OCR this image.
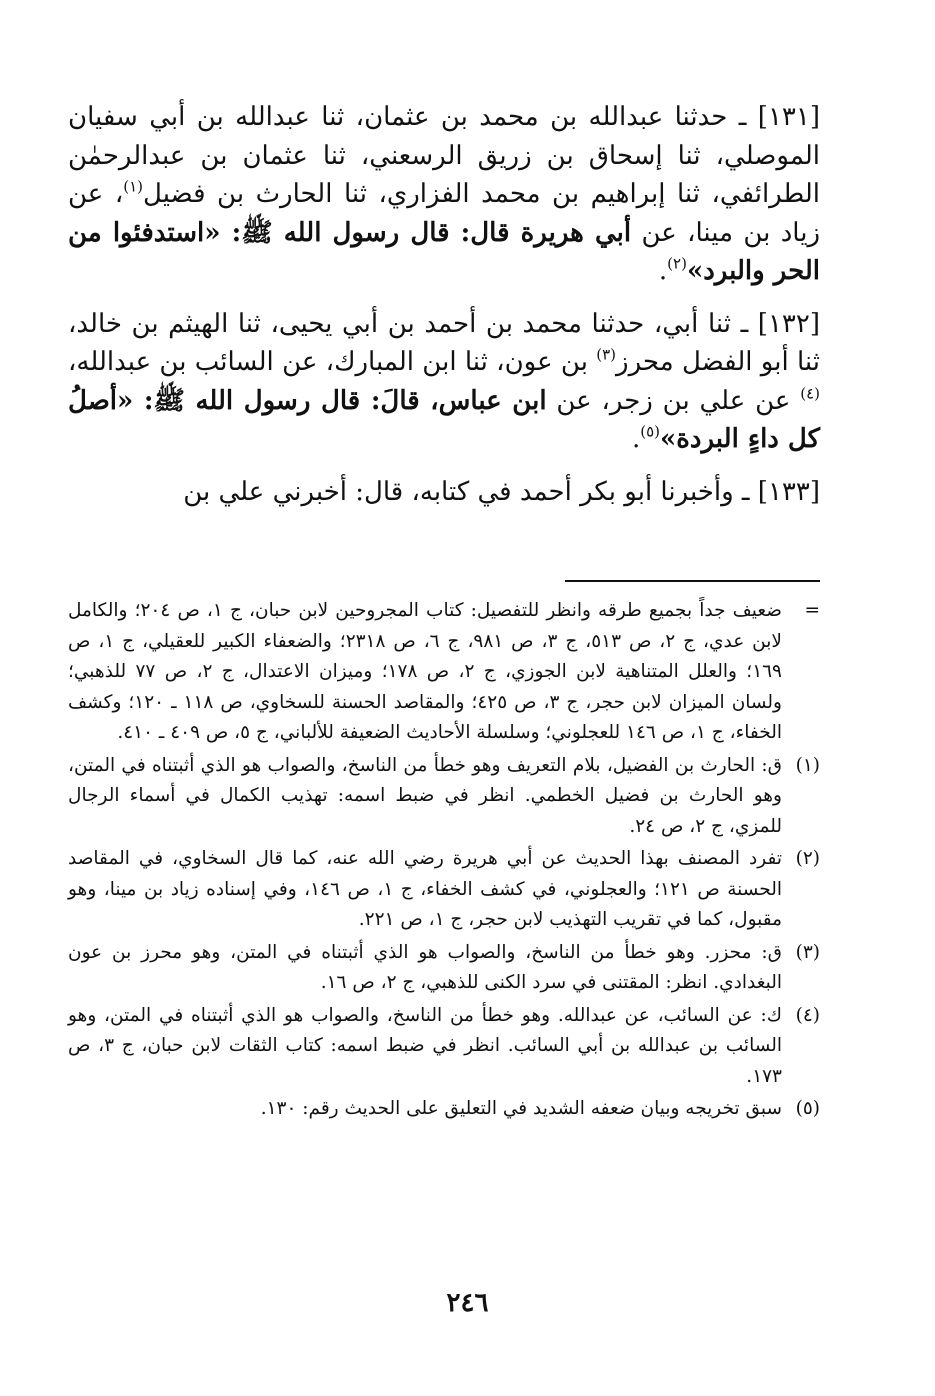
[١٣١] ـ حدثنا عبدالله بن محمد بن عثمان، ثنا عبدالله بن أبي سفيان الموصلي، ثنا إسحاق بن زريق الرسعني، ثنا عثمان بن عبدالرحمٰن الطرائفي، ثنا إبراهيم بن محمد الفزاري، ثنا الحارث بن فضيل$^{(١)}$، عن زياد بن مينا، عن أبي هريرة قال: قال رسول الله ﷺ: «استدفئوا من الحر والبرد»$^{(٢)}$.

[١٣٢] ـ ثنا أبي، حدثنا محمد بن أحمد بن أبي يحيى، ثنا الهيثم بن خالد، ثنا أبو الفضل محرز$^{(٣)}$ بن عون، ثنا ابن المبارك، عن السائب بن عبدالله،$^{(٤)}$ عن علي بن زجر، عن ابن عباس، قالَ: قال رسول الله ﷺ: «أصلُ كل داءٍ البردة»$^{(٥)}$.

[١٣٣] ـ وأخبرنا أبو بكر أحمد في كتابه، قال: أخبرني علي بن

=
ضعيف جداً بجميع طرقه وانظر للتفصيل: كتاب المجروحين لابن حبان، ج ١، ص ٢٠٤؛ والكامل لابن عدي، ج ٢، ص ٥١٣، ج ٣، ص ٩٨١، ج ٦، ص ٢٣١٨؛ والضعفاء الكبير للعقيلي، ج ١، ص ١٦٩؛ والعلل المتناهية لابن الجوزي، ج ٢، ص ١٧٨؛ وميزان الاعتدال، ج ٢، ص ٧٧ للذهبي؛ ولسان الميزان لابن حجر، ج ٣، ص ٤٢٥؛ والمقاصد الحسنة للسخاوي، ص ١١٨ ـ ١٢٠؛ وكشف الخفاء، ج ١، ص ١٤٦ للعجلوني؛ وسلسلة الأحاديث الضعيفة للألباني، ج ٥، ص ٤٠٩ ـ ٤١٠.
(١)
ق: الحارث بن الفضيل، بلام التعريف وهو خطأ من الناسخ، والصواب هو الذي أثبتناه في المتن، وهو الحارث بن فضيل الخطمي. انظر في ضبط اسمه: تهذيب الكمال في أسماء الرجال للمزي، ج ٢، ص ٢٤.
(٢)
تفرد المصنف بهذا الحديث عن أبي هريرة رضي الله عنه، كما قال السخاوي، في المقاصد الحسنة ص ١٢١؛ والعجلوني، في كشف الخفاء، ج ١، ص ١٤٦، وفي إسناده زياد بن مينا، وهو مقبول، كما في تقريب التهذيب لابن حجر، ج ١، ص ٢٢١.
(٣)
ق: محزر. وهو خطأ من الناسخ، والصواب هو الذي أثبتناه في المتن، وهو محرز بن عون البغدادي. انظر: المقتنى في سرد الكنى للذهبي، ج ٢، ص ١٦.
(٤)
ك: عن السائب، عن عبدالله. وهو خطأ من الناسخ، والصواب هو الذي أثبتناه في المتن، وهو السائب بن عبدالله بن أبي السائب. انظر في ضبط اسمه: كتاب الثقات لابن حبان، ج ٣، ص ١٧٣.
(٥)
سبق تخريجه وبيان ضعفه الشديد في التعليق على الحديث رقم: ١٣٠.
٢٤٦
